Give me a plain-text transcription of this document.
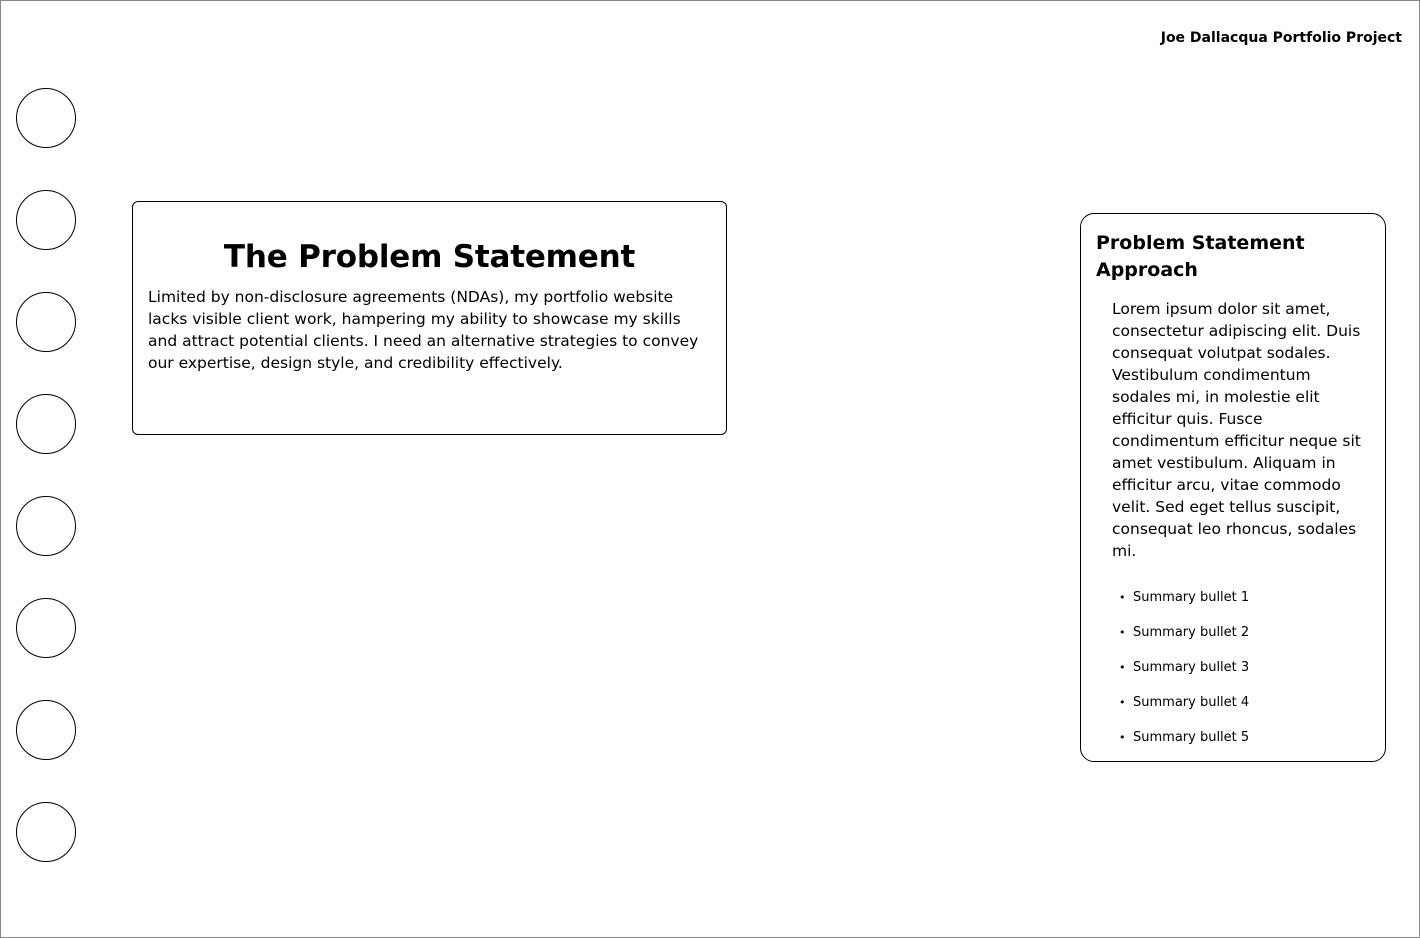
Joe Dallacqua Portfolio Project
The Problem Statement

Limited by non-disclosure agreements (NDAs), my portfolio website lacks visible client work, hampering my ability to showcase my skills and attract potential clients. I need an alternative strategies to convey our expertise, design style, and credibility effectively.

Problem Statement Approach

Lorem ipsum dolor sit amet, consectetur adipiscing elit. Duis consequat volutpat sodales. Vestibulum condimentum sodales mi, in molestie elit efficitur quis. Fusce condimentum efficitur neque sit amet vestibulum. Aliquam in efficitur arcu, vitae commodo velit. Sed eget tellus suscipit, consequat leo rhoncus, sodales mi.

• Summary bullet 1
• Summary bullet 2
• Summary bullet 3
• Summary bullet 4
• Summary bullet 5
